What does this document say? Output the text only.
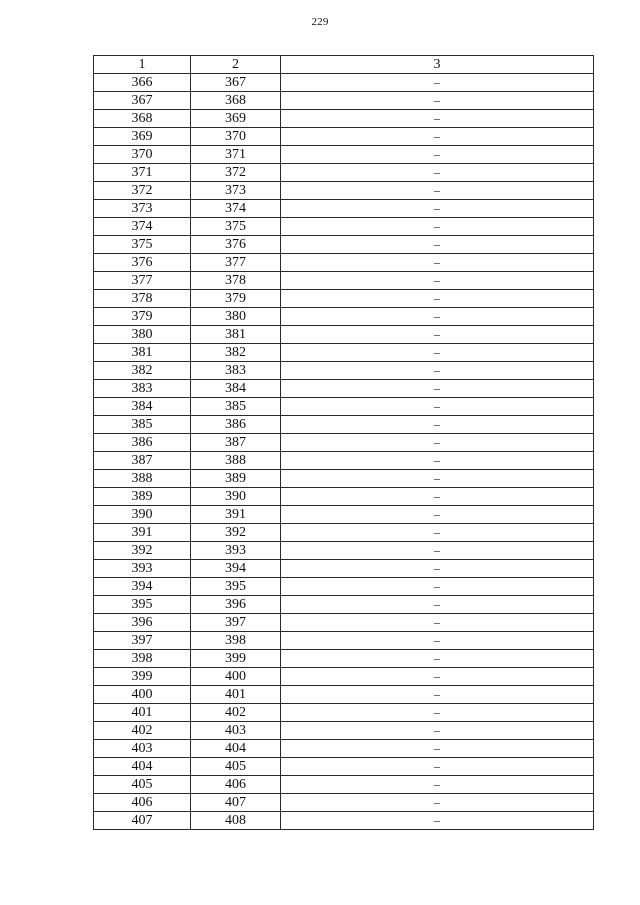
229
1	2	3
366	367	–
367	368	–
368	369	–
369	370	–
370	371	–
371	372	–
372	373	–
373	374	–
374	375	–
375	376	–
376	377	–
377	378	–
378	379	–
379	380	–
380	381	–
381	382	–
382	383	–
383	384	–
384	385	–
385	386	–
386	387	–
387	388	–
388	389	–
389	390	–
390	391	–
391	392	–
392	393	–
393	394	–
394	395	–
395	396	–
396	397	–
397	398	–
398	399	–
399	400	–
400	401	–
401	402	–
402	403	–
403	404	–
404	405	–
405	406	–
406	407	–
407	408	–
